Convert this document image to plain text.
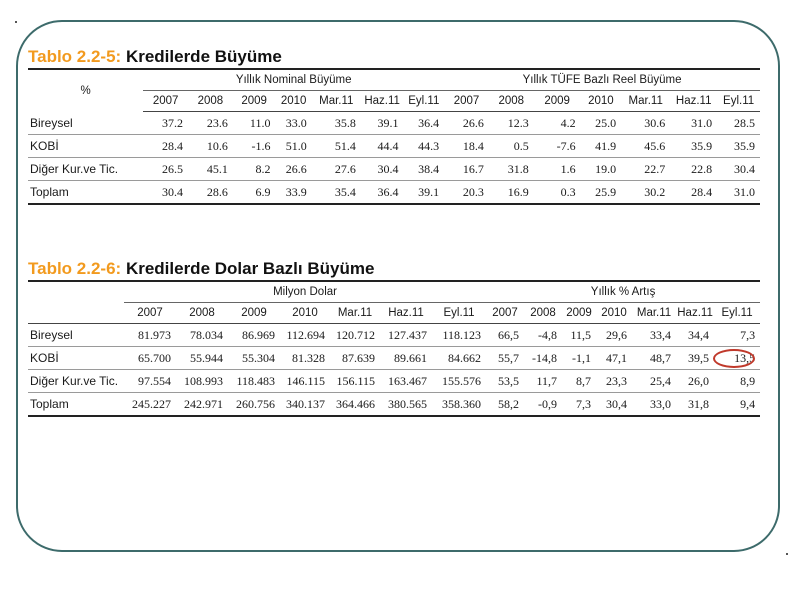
Tablo 2.2-5: Kredilerde Büyüme
%	Yıllık Nominal Büyüme							Yıllık TÜFE Bazlı Reel Büyüme						
	2007	2008	2009	2010	Mar.11	Haz.11	Eyl.11	2007	2008	2009	2010	Mar.11	Haz.11	Eyl.11
Bireysel	37.2	23.6	11.0	33.0	35.8	39.1	36.4	26.6	12.3	4.2	25.0	30.6	31.0	28.5
KOBİ	28.4	10.6	-1.6	51.0	51.4	44.4	44.3	18.4	0.5	-7.6	41.9	45.6	35.9	35.9
Diğer Kur.ve Tic.	26.5	45.1	8.2	26.6	27.6	30.4	38.4	16.7	31.8	1.6	19.0	22.7	22.8	30.4
Toplam	30.4	28.6	6.9	33.9	35.4	36.4	39.1	20.3	16.9	0.3	25.9	30.2	28.4	31.0
Tablo 2.2-6: Kredilerde Dolar Bazlı Büyüme
	Milyon Dolar							Yıllık % Artış						
	2007	2008	2009	2010	Mar.11	Haz.11	Eyl.11	2007	2008	2009	2010	Mar.11	Haz.11	Eyl.11
Bireysel	81.973	78.034	86.969	112.694	120.712	127.437	118.123	66,5	-4,8	11,5	29,6	33,4	34,4	7,3
KOBİ	65.700	55.944	55.304	81.328	87.639	89.661	84.662	55,7	-14,8	-1,1	47,1	48,7	39,5	13,5
Diğer Kur.ve Tic.	97.554	108.993	118.483	146.115	156.115	163.467	155.576	53,5	11,7	8,7	23,3	25,4	26,0	8,9
Toplam	245.227	242.971	260.756	340.137	364.466	380.565	358.360	58,2	-0,9	7,3	30,4	33,0	31,8	9,4
